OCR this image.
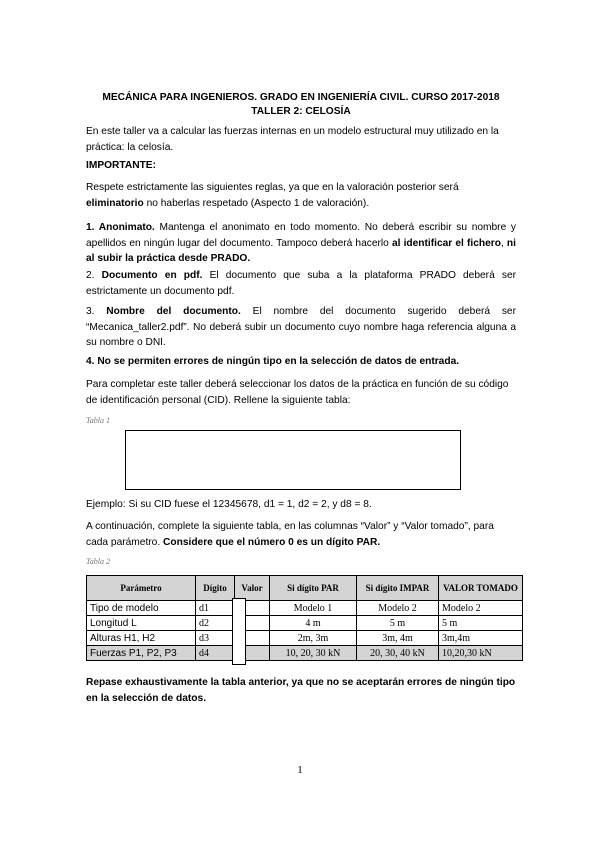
MECÁNICA PARA INGENIEROS. GRADO EN INGENIERÍA CIVIL. CURSO 2017-2018

TALLER 2: CELOSÍA

En este taller va a calcular las fuerzas internas en un modelo estructural muy utilizado en la práctica: la celosía.

IMPORTANTE:

Respete estrictamente las siguientes reglas, ya que en la valoración posterior será eliminatorio no haberlas respetado (Aspecto 1 de valoración).

1. Anonimato. Mantenga el anonimato en todo momento. No deberá escribir su nombre y apellidos en ningún lugar del documento. Tampoco deberá hacerlo al identificar el fichero, ni al subir la práctica desde PRADO.

2. Documento en pdf. El documento que suba a la plataforma PRADO deberá ser estrictamente un documento pdf.

3. Nombre del documento. El nombre del documento sugerido deberá ser “Mecanica_taller2.pdf”. No deberá subir un documento cuyo nombre haga referencia alguna a su nombre o DNI.

4. No se permiten errores de ningún tipo en la selección de datos de entrada.

Para completar este taller deberá seleccionar los datos de la práctica en función de su código de identificación personal (CID). Rellene la siguiente tabla:

Tabla 1

Ejemplo: Si su CID fuese el 12345678, d1 = 1, d2 = 2, y d8 = 8.

A continuación, complete la siguiente tabla, en las columnas “Valor” y “Valor tomado”, para cada parámetro. Considere que el número 0 es un dígito PAR.

Tabla 2
Parámetro	Dígito	Valor	Si dígito PAR	Si dígito IMPAR	VALOR TOMADO
Tipo de modelo	d1		Modelo 1	Modelo 2	Modelo 2
Longitud L	d2		4 m	5 m	5 m
Alturas H1, H2	d3		2m, 3m	3m, 4m	3m,4m
Fuerzas P1, P2, P3	d4		10, 20, 30 kN	20, 30, 40 kN	10,20,30 kN

Repase exhaustivamente la tabla anterior, ya que no se aceptarán errores de ningún tipo en la selección de datos.

1
